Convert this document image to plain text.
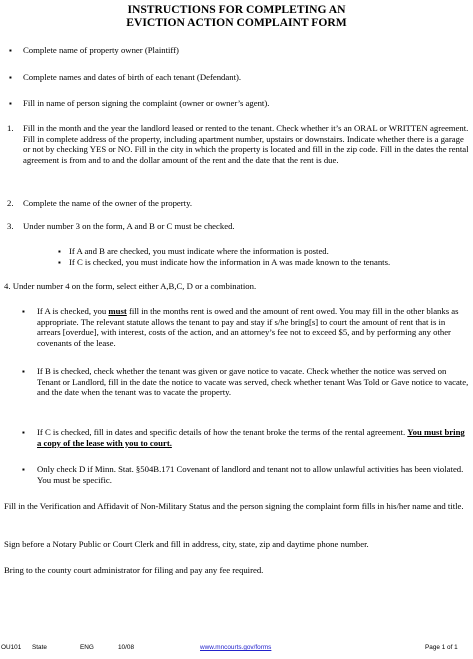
INSTRUCTIONS FOR COMPLETING AN
EVICTION ACTION COMPLAINT FORM
▪ Complete name of property owner (Plaintiff)
▪ Complete names and dates of birth of each tenant (Defendant).
▪ Fill in name of person signing the complaint (owner or owner’s agent).
1. Fill in the month and the year the landlord leased or rented to the tenant. Check whether it’s an ORAL or WRITTEN agreement. Fill in complete address of the property, including apartment number, upstairs or downstairs. Indicate whether there is a garage or not by checking YES or NO. Fill in the city in which the property is located and fill in the zip code. Fill in the dates the rental agreement is from and to and the dollar amount of the rent and the date that the rent is due.
2. Complete the name of the owner of the property.
3. Under number 3 on the form, A and B or C must be checked.
▪ If A and B are checked, you must indicate where the information is posted.
▪ If C is checked, you must indicate how the information in A was made known to the tenants.
4. Under number 4 on the form, select either A,B,C, D or a combination.
▪ If A is checked, you must fill in the months rent is owed and the amount of rent owed. You may fill in the other blanks as appropriate. The relevant statute allows the tenant to pay and stay if s/he bring[s] to court the amount of rent that is in arrears [overdue], with interest, costs of the action, and an attorney’s fee not to exceed $5, and by performing any other covenants of the lease.
▪ If B is checked, check whether the tenant was given or gave notice to vacate. Check whether the notice was served on Tenant or Landlord, fill in the date the notice to vacate was served, check whether tenant Was Told or Gave notice to vacate, and the date when the tenant was to vacate the property.
▪ If C is checked, fill in dates and specific details of how the tenant broke the terms of the rental agreement. You must bring a copy of the lease with you to court.
▪ Only check D if Minn. Stat. §504B.171 Covenant of landlord and tenant not to allow unlawful activities has been violated. You must be specific.
Fill in the Verification and Affidavit of Non-Military Status and the person signing the complaint form fills in his/her name and title.
Sign before a Notary Public or Court Clerk and fill in address, city, state, zip and daytime phone number.
Bring to the county court administrator for filing and pay any fee required.
OU101 State	ENG	10/08	www.mncourts.gov/forms	Page 1 of 1
